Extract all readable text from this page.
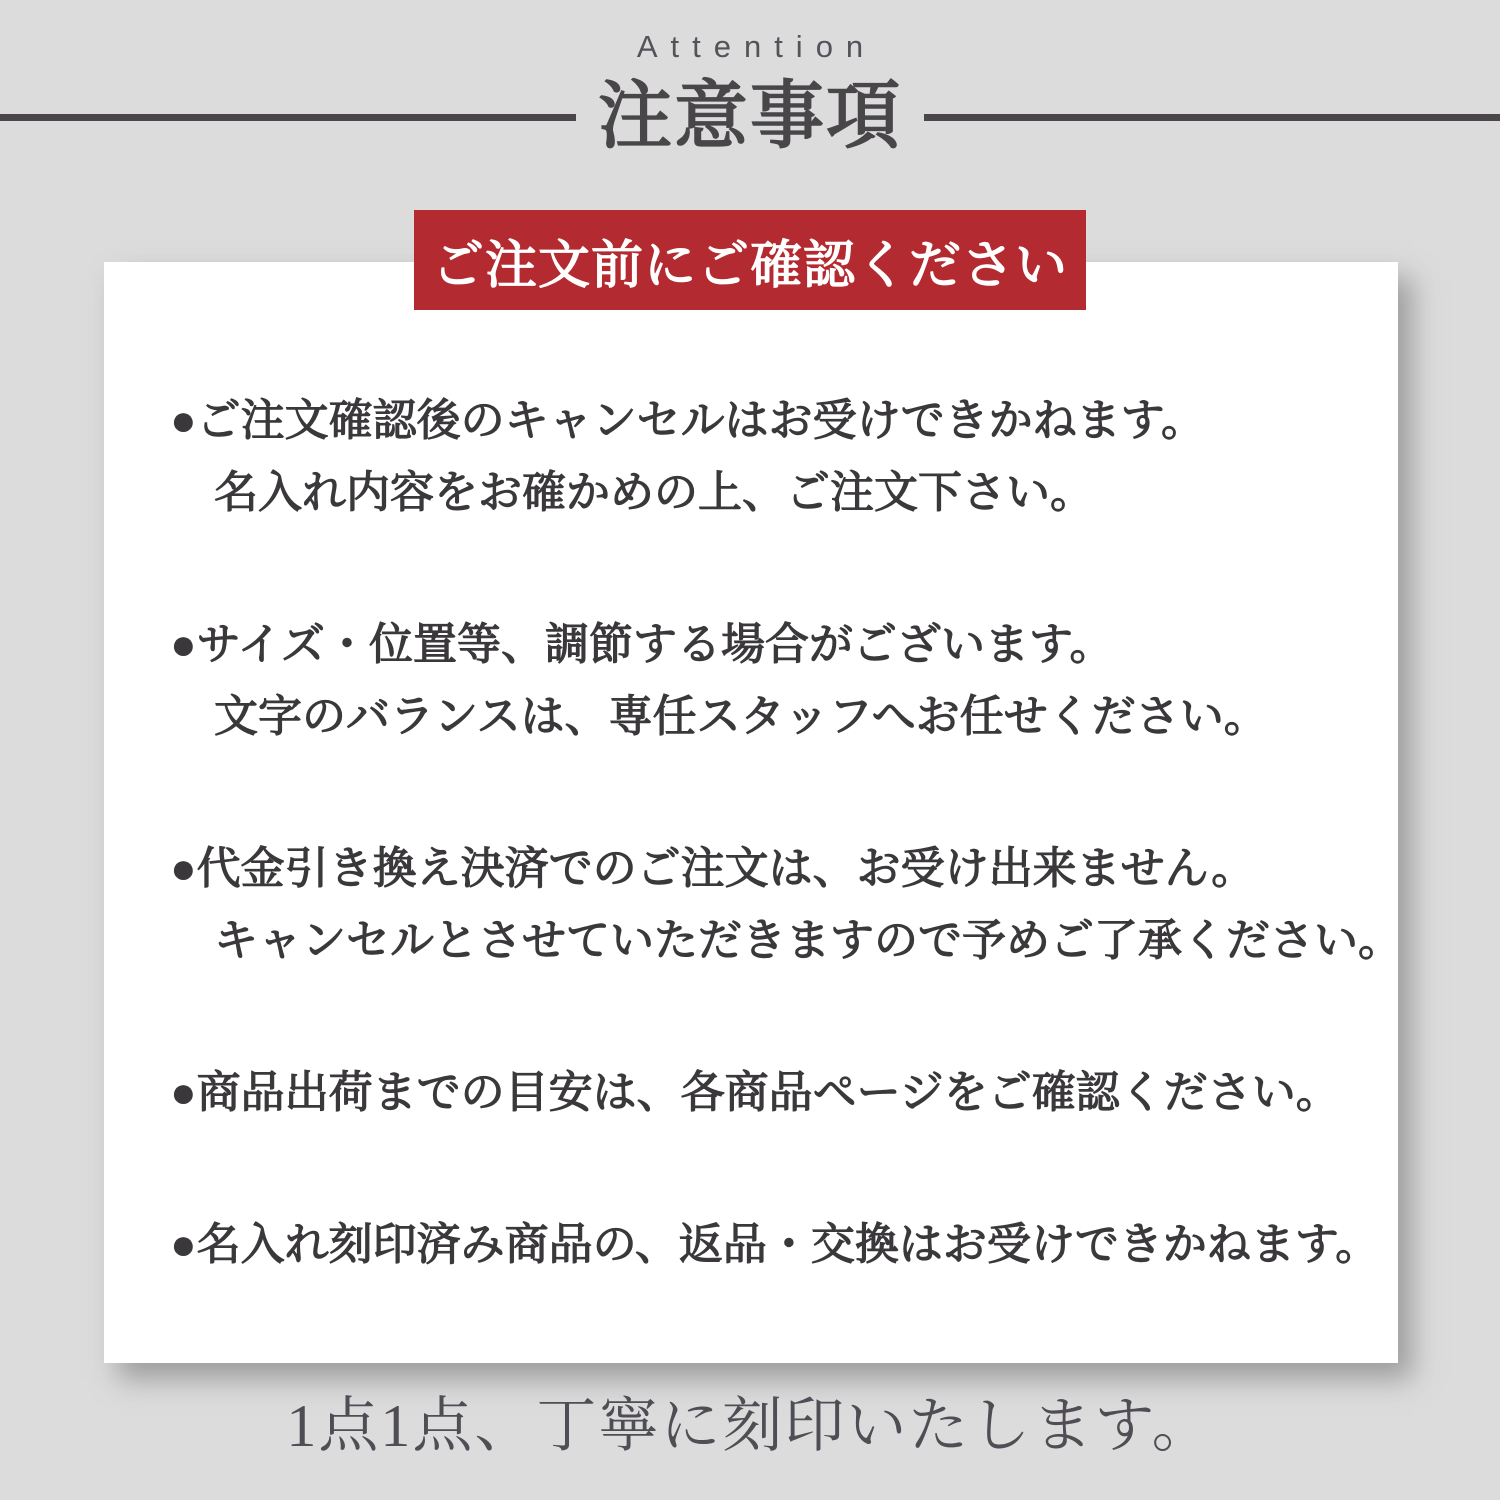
Attention
注意事項
ご注文前にご確認ください

●ご注文確認後のキャンセルはお受けできかねます。

名入れ内容をお確かめの上、ご注文下さい。

●サイズ・位置等、調節する場合がございます。

文字のバランスは、専任スタッフへお任せください。

●代金引き換え決済でのご注文は、お受け出来ません。

キャンセルとさせていただきますので予めご了承ください。

●商品出荷までの目安は、各商品ページをご確認ください。

●名入れ刻印済み商品の、返品・交換はお受けできかねます。

1点1点、丁寧に刻印いたします。
